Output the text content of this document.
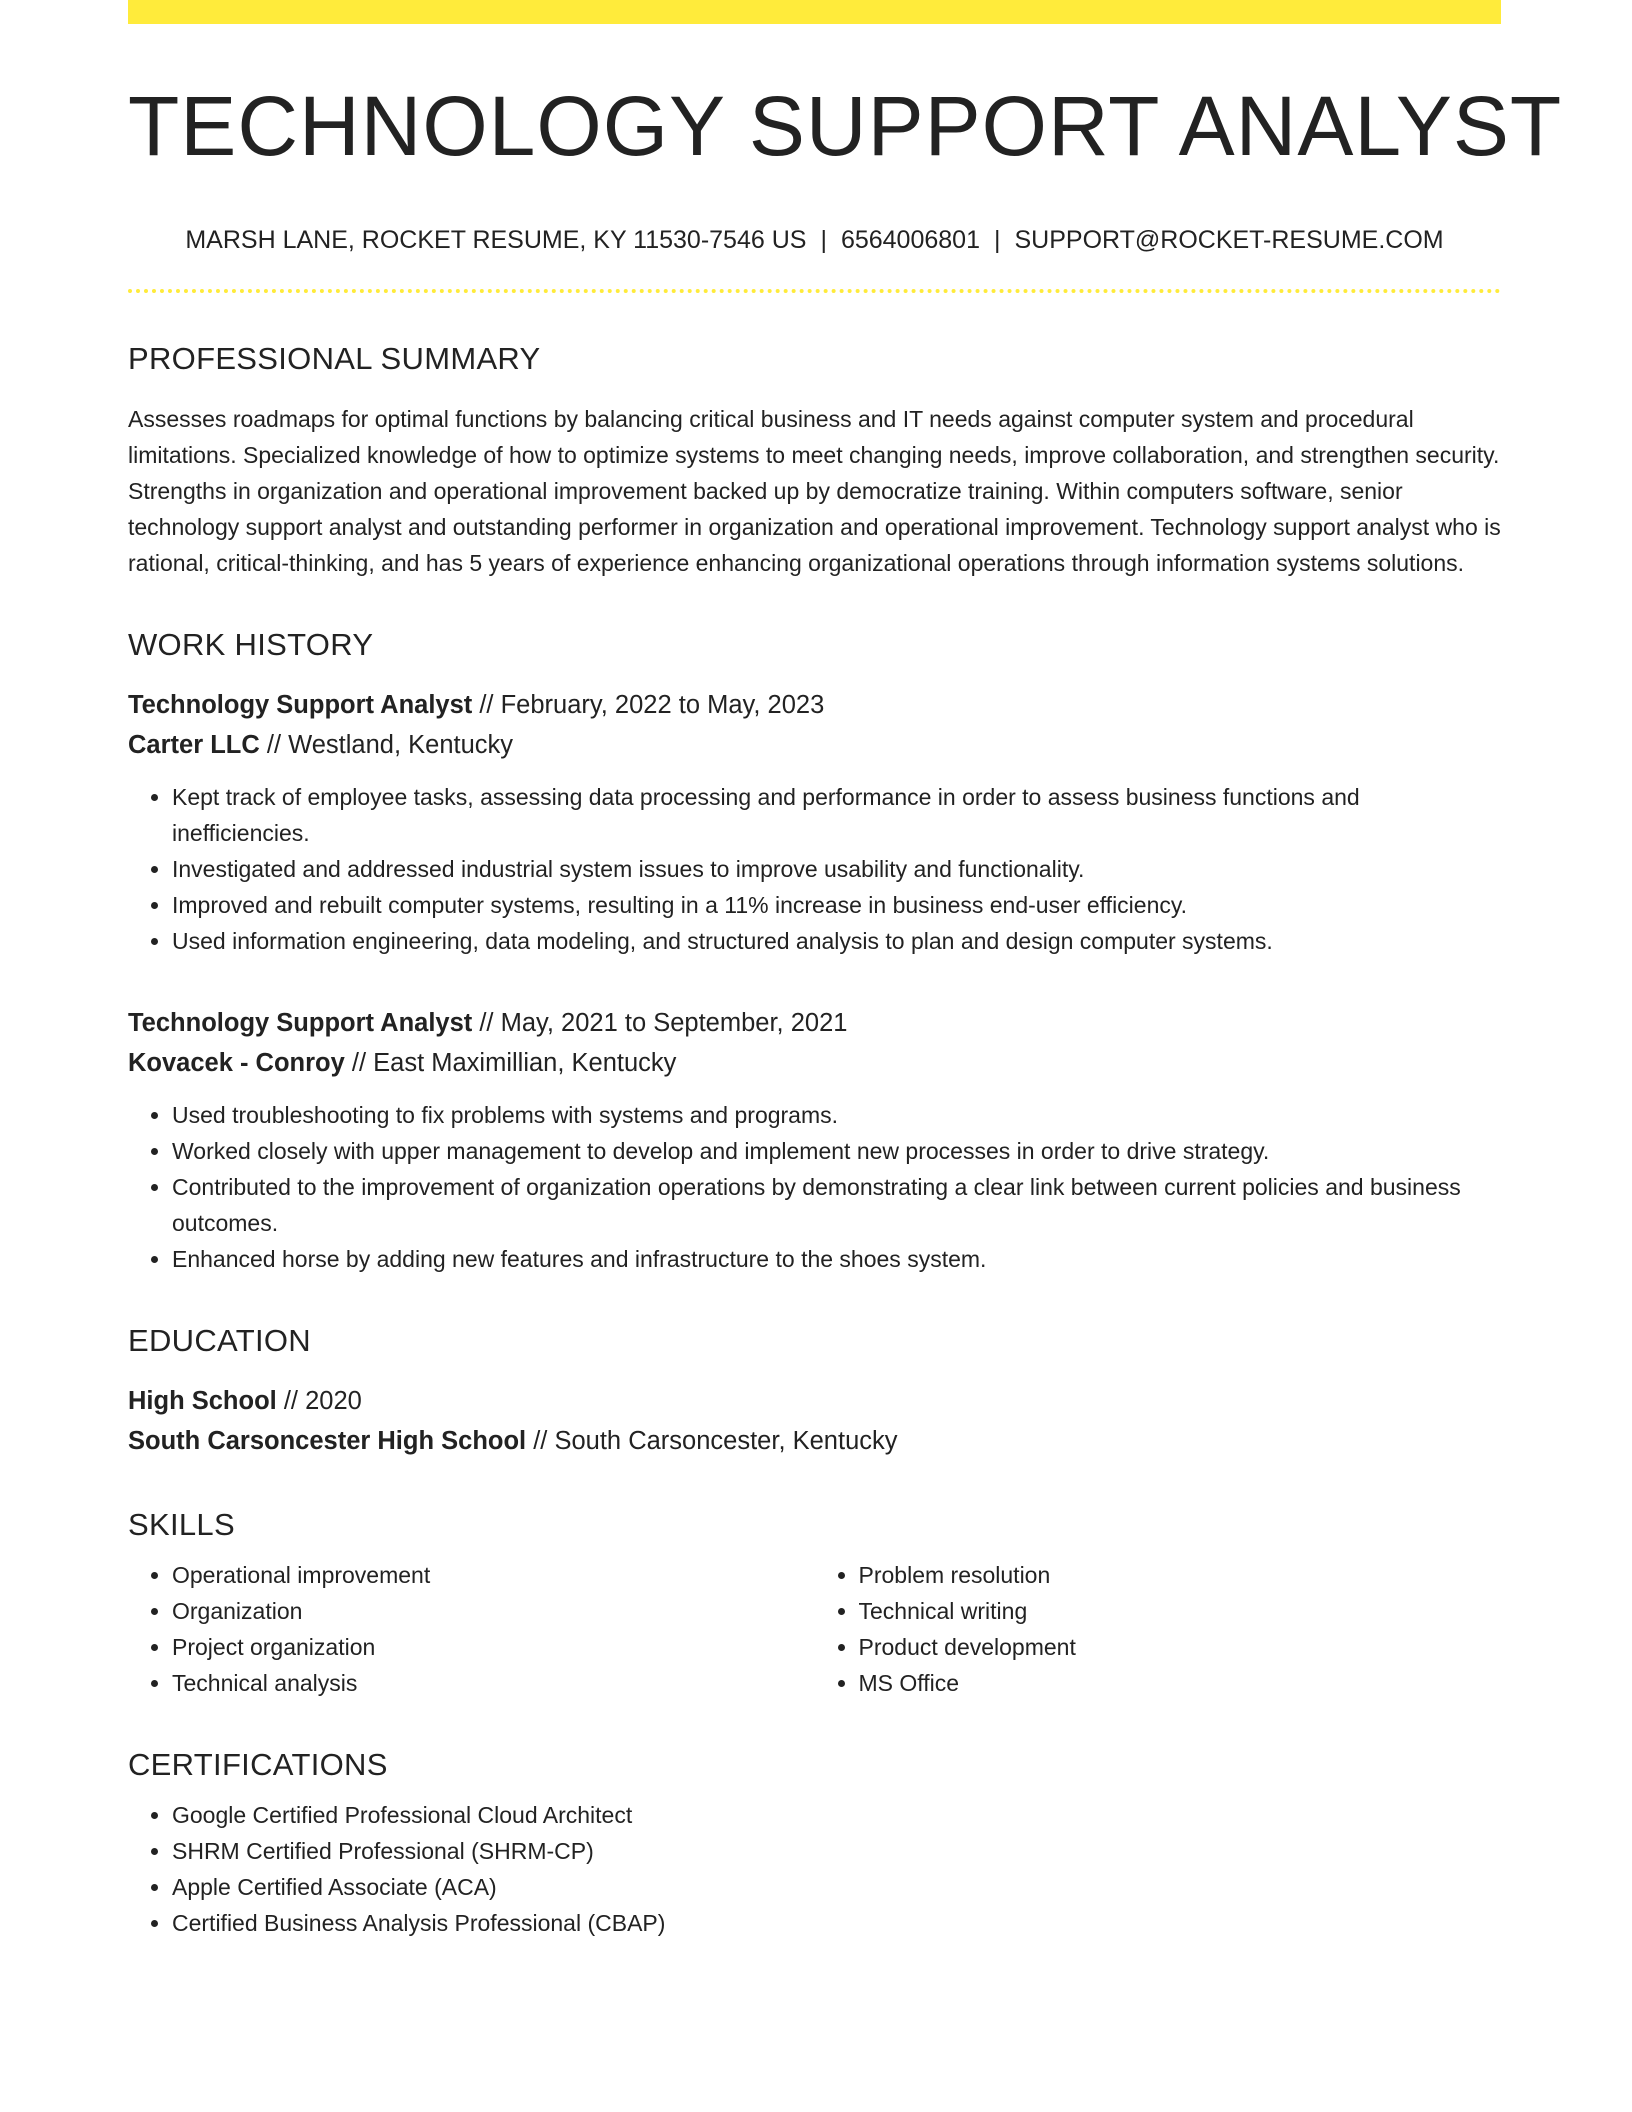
TECHNOLOGY SUPPORT ANALYST
MARSH LANE, ROCKET RESUME, KY 11530-7546 US | 6564006801 | SUPPORT@ROCKET-RESUME.COM
PROFESSIONAL SUMMARY
Assesses roadmaps for optimal functions by balancing critical business and IT needs against computer system and procedural limitations. Specialized knowledge of how to optimize systems to meet changing needs, improve collaboration, and strengthen security. Strengths in organization and operational improvement backed up by democratize training. Within computers software, senior technology support analyst and outstanding performer in organization and operational improvement. Technology support analyst who is rational, critical-thinking, and has 5 years of experience enhancing organizational operations through information systems solutions.
WORK HISTORY
Technology Support Analyst // February, 2022 to May, 2023
Carter LLC // Westland, Kentucky
• Kept track of employee tasks, assessing data processing and performance in order to assess business functions and inefficiencies.
• Investigated and addressed industrial system issues to improve usability and functionality.
• Improved and rebuilt computer systems, resulting in a 11% increase in business end-user efficiency.
• Used information engineering, data modeling, and structured analysis to plan and design computer systems.
Technology Support Analyst // May, 2021 to September, 2021
Kovacek - Conroy // East Maximillian, Kentucky
• Used troubleshooting to fix problems with systems and programs.
• Worked closely with upper management to develop and implement new processes in order to drive strategy.
• Contributed to the improvement of organization operations by demonstrating a clear link between current policies and business outcomes.
• Enhanced horse by adding new features and infrastructure to the shoes system.
EDUCATION
High School // 2020
South Carsoncester High School // South Carsoncester, Kentucky
SKILLS
• Operational improvement
• Organization
• Project organization
• Technical analysis
• Problem resolution
• Technical writing
• Product development
• MS Office
CERTIFICATIONS
• Google Certified Professional Cloud Architect
• SHRM Certified Professional (SHRM-CP)
• Apple Certified Associate (ACA)
• Certified Business Analysis Professional (CBAP)
